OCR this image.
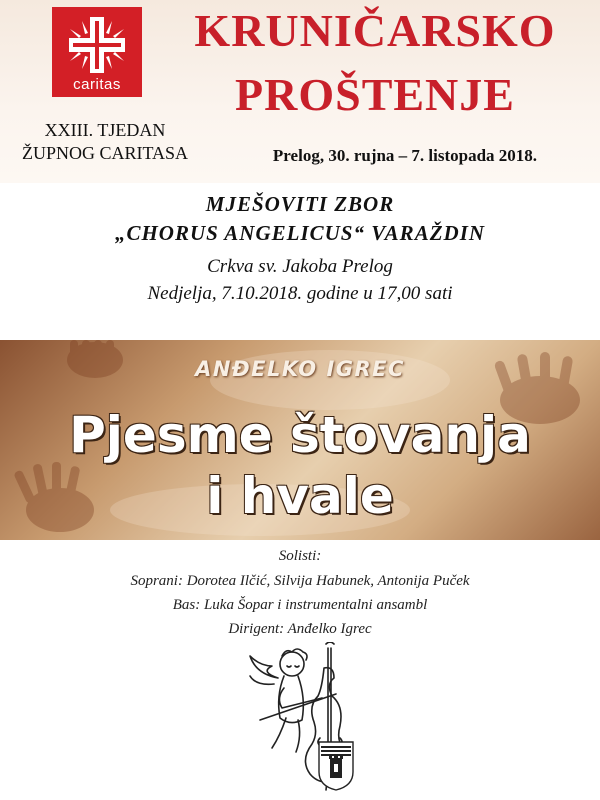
caritas
KRUNIČARSKO
PROŠTENJE
XXIII. TJEDAN
ŽUPNOG CARITASA	Prelog, 30. rujna – 7. listopada 2018.
MJEŠOVITI ZBOR
„CHORUS ANGELICUS“ VARAŽDIN
Crkva sv. Jakoba Prelog
Nedjelja, 7.10.2018. godine u 17,00 sati
ANĐELKO IGREC
Pjesme štovanja
i hvale
Solisti:
Soprani: Dorotea Ilčić, Silvija Habunek, Antonija Puček
Bas: Luka Šopar i instrumentalni ansambl
Dirigent: Anđelko Igrec
